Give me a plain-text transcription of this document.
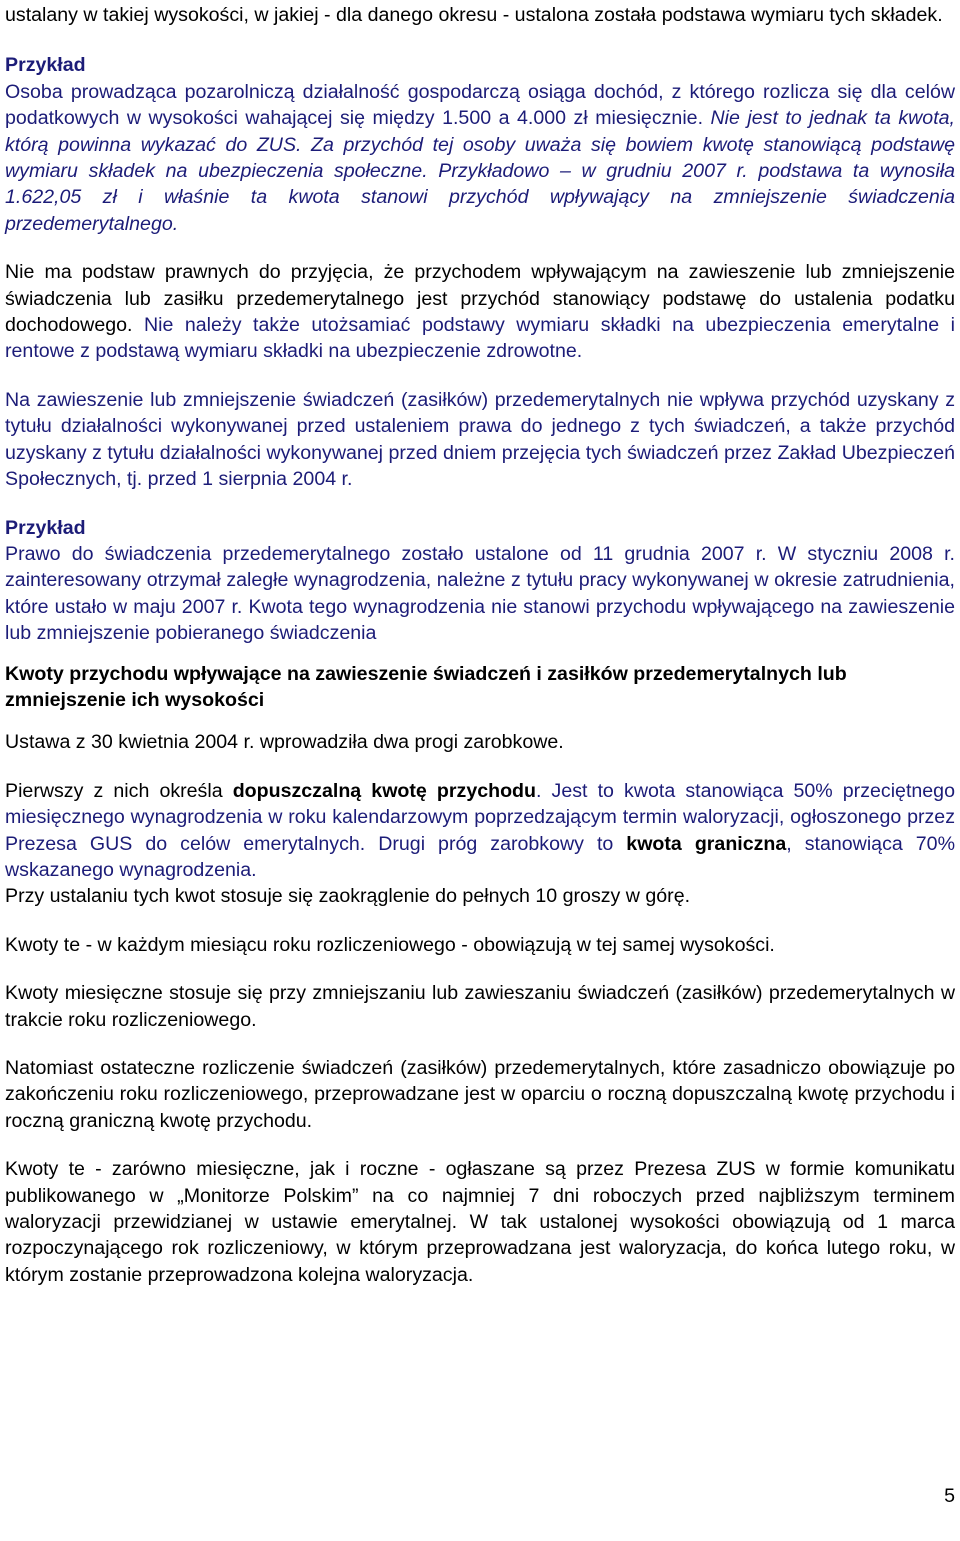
ustalany w takiej wysokości, w jakiej - dla danego okresu - ustalona została podstawa wymiaru tych składek.

Przykład

Osoba prowadząca pozarolniczą działalność gospodarczą osiąga dochód, z którego rozlicza się dla celów podatkowych w wysokości wahającej się między 1.500 a 4.000 zł miesięcznie. Nie jest to jednak ta kwota, którą powinna wykazać do ZUS. Za przychód tej osoby uważa się bowiem kwotę stanowiącą podstawę wymiaru składek na ubezpieczenia społeczne. Przykładowo – w grudniu 2007 r. podstawa ta wynosiła 1.622,05 zł i właśnie ta kwota stanowi przychód wpływający na zmniejszenie świadczenia przedemerytalnego.

Nie ma podstaw prawnych do przyjęcia, że przychodem wpływającym na zawieszenie lub zmniejszenie świadczenia lub zasiłku przedemerytalnego jest przychód stanowiący podstawę do ustalenia podatku dochodowego. Nie należy także utożsamiać podstawy wymiaru składki na ubezpieczenia emerytalne i rentowe z podstawą wymiaru składki na ubezpieczenie zdrowotne.

Na zawieszenie lub zmniejszenie świadczeń (zasiłków) przedemerytalnych nie wpływa przychód uzyskany z tytułu działalności wykonywanej przed ustaleniem prawa do jednego z tych świadczeń, a także przychód uzyskany z tytułu działalności wykonywanej przed dniem przejęcia tych świadczeń przez Zakład Ubezpieczeń Społecznych, tj. przed 1 sierpnia 2004 r.

Przykład

Prawo do świadczenia przedemerytalnego zostało ustalone od 11 grudnia 2007 r. W styczniu 2008 r. zainteresowany otrzymał zaległe wynagrodzenia, należne z tytułu pracy wykonywanej w okresie zatrudnienia, które ustało w maju 2007 r. Kwota tego wynagrodzenia nie stanowi przychodu wpływającego na zawieszenie lub zmniejszenie pobieranego świadczenia

Kwoty przychodu wpływające na zawieszenie świadczeń i zasiłków przedemerytalnych lub zmniejszenie ich wysokości

Ustawa z 30 kwietnia 2004 r. wprowadziła dwa progi zarobkowe.

Pierwszy z nich określa dopuszczalną kwotę przychodu. Jest to kwota stanowiąca 50% przeciętnego miesięcznego wynagrodzenia w roku kalendarzowym poprzedzającym termin waloryzacji, ogłoszonego przez Prezesa GUS do celów emerytalnych. Drugi próg zarobkowy to kwota graniczna, stanowiąca 70% wskazanego wynagrodzenia.

Przy ustalaniu tych kwot stosuje się zaokrąglenie do pełnych 10 groszy w górę.

Kwoty te - w każdym miesiącu roku rozliczeniowego - obowiązują w tej samej wysokości.

Kwoty miesięczne stosuje się przy zmniejszaniu lub zawieszaniu świadczeń (zasiłków) przedemerytalnych w trakcie roku rozliczeniowego.

Natomiast ostateczne rozliczenie świadczeń (zasiłków) przedemerytalnych, które zasadniczo obowiązuje po zakończeniu roku rozliczeniowego, przeprowadzane jest w oparciu o roczną dopuszczalną kwotę przychodu i roczną graniczną kwotę przychodu.

Kwoty te - zarówno miesięczne, jak i roczne - ogłaszane są przez Prezesa ZUS w formie komunikatu publikowanego w „Monitorze Polskim” na co najmniej 7 dni roboczych przed najbliższym terminem waloryzacji przewidzianej w ustawie emerytalnej. W tak ustalonej wysokości obowiązują od 1 marca rozpoczynającego rok rozliczeniowy, w którym przeprowadzana jest waloryzacja, do końca lutego roku, w którym zostanie przeprowadzona kolejna waloryzacja.

5
